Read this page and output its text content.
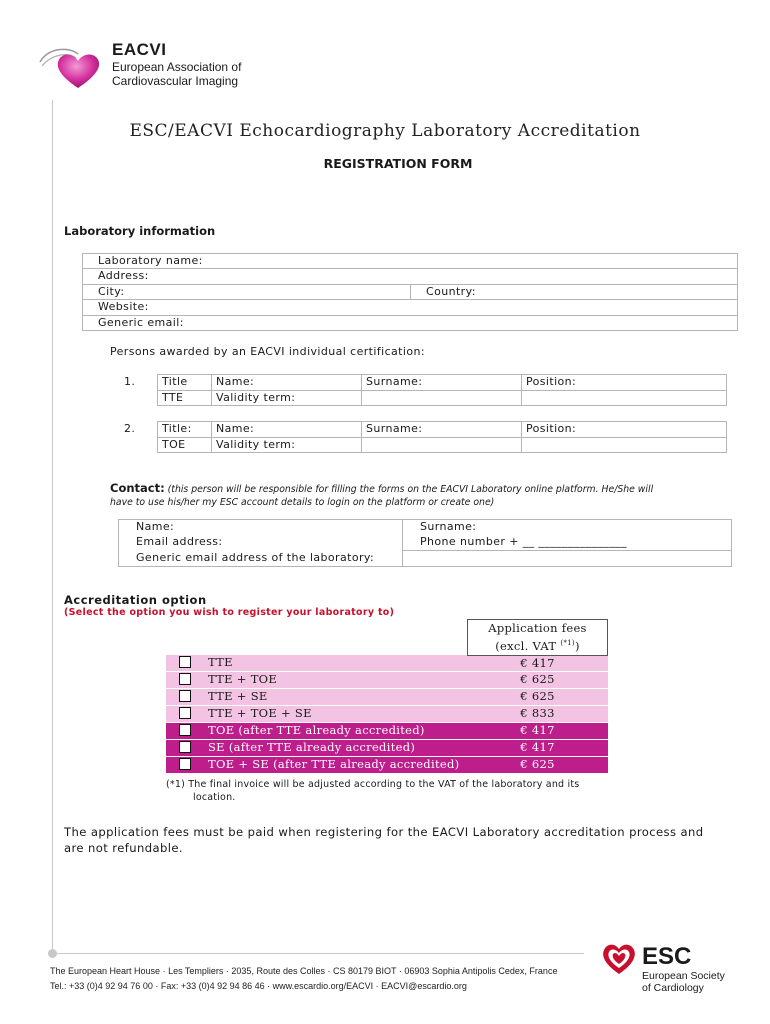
EACVI
European Association of
Cardiovascular Imaging
ESC/EACVI Echocardiography Laboratory Accreditation
REGISTRATION FORM
Laboratory information
Laboratory name:
Address:
City:	Country:
Website:
Generic email:
Persons awarded by an EACVI individual certification:
1. Title	Name:	Surname:	Position:
TTE	Validity term:		
2. Title:	Name:	Surname:	Position:
TOE	Validity term:		
Contact: (this person will be responsible for filling the forms on the EACVI Laboratory online platform. He/She will
have to use his/her my ESC account details to login on the platform or create one)
Name:	Surname:
Email address:	Phone number + __ _______________
Generic email address of the laboratory:	
Accreditation option
(Select the option you wish to register your laboratory to)

		Application fees
(excl. VAT $^{(*1)}$)

	TTE	€ 417
	TTE + TOE	€ 625
	TTE + SE	€ 625
	TTE + TOE + SE	€ 833
	TOE (after TTE already accredited)	€ 417
	SE (after TTE already accredited)	€ 417
	TOE + SE (after TTE already accredited)	€ 625
(*1) The final invoice will be adjusted according to the VAT of the laboratory and its
location.
The application fees must be paid when registering for the EACVI Laboratory accreditation process and
are not refundable.
The European Heart House · Les Templiers · 2035, Route des Colles · CS 80179 BIOT · 06903 Sophia Antipolis Cedex, France
Tel.: +33 (0)4 92 94 76 00 · Fax: +33 (0)4 92 94 86 46 · www.escardio.org/EACVI · EACVI@escardio.org
ESC
European Society
of Cardiology
